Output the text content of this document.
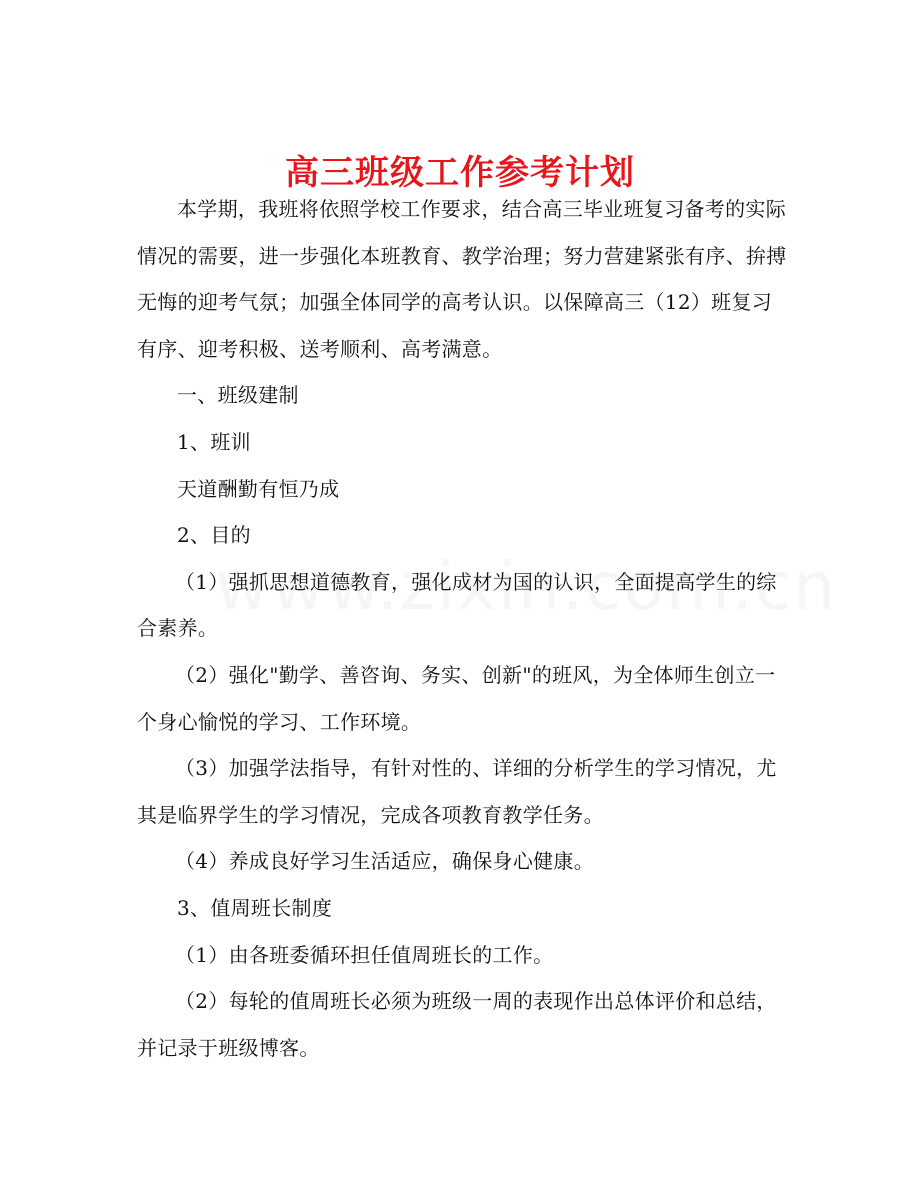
高三班级工作参考计划

本学期，我班将依照学校工作要求，结合高三毕业班复习备考的实际情况的需要，进一步强化本班教育、教学治理；努力营建紧张有序、拚搏无悔的迎考气氛；加强全体同学的高考认识。以保障高三（12）班复习有序、迎考积极、送考顺利、高考满意。

一、班级建制

1、班训

天道酬勤有恒乃成

2、目的

（1）强抓思想道德教育，强化成材为国的认识，全面提高学生的综合素养。

（2）强化"勤学、善咨询、务实、创新"的班风，为全体师生创立一个身心愉悦的学习、工作环境。

（3）加强学法指导，有针对性的、详细的分析学生的学习情况，尤其是临界学生的学习情况，完成各项教育教学任务。

（4）养成良好学习生活适应，确保身心健康。

3、值周班长制度

（1）由各班委循环担任值周班长的工作。

（2）每轮的值周班长必须为班级一周的表现作出总体评价和总结，并记录于班级博客。
